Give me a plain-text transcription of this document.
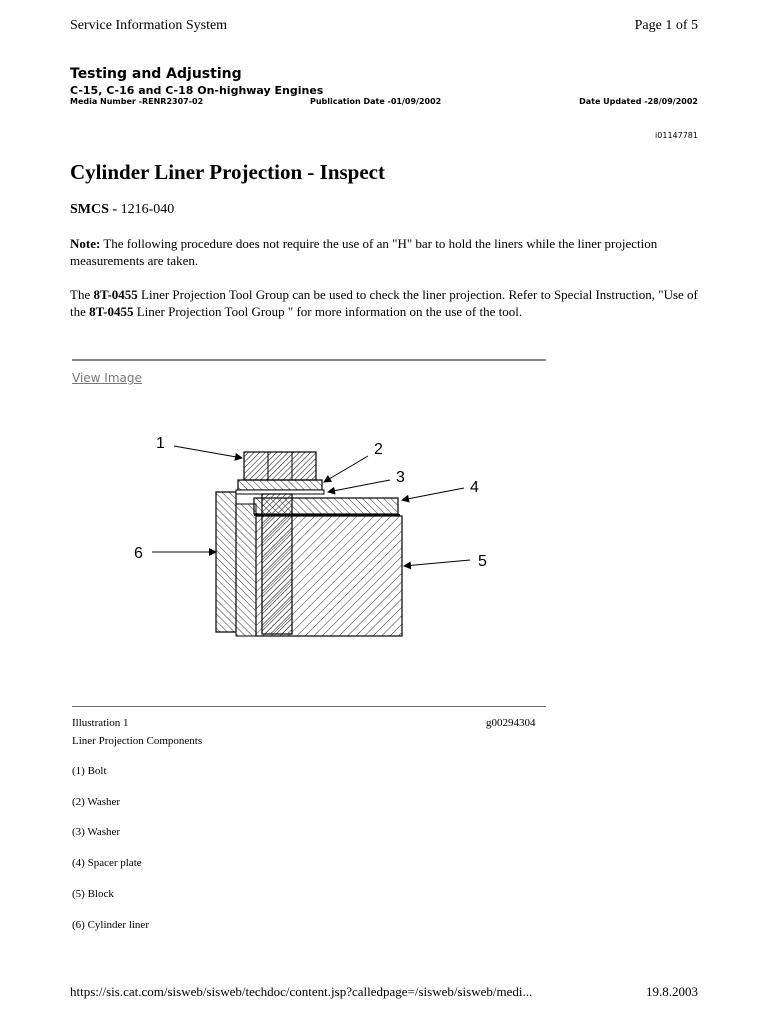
Service Information System	Page 1 of 5
Testing and Adjusting
C-15, C-16 and C-18 On-highway Engines
Media Number -RENR2307-02	Publication Date -01/09/2002	Date Updated -28/09/2002
i01147781
Cylinder Liner Projection - Inspect
SMCS - 1216-040

Note: The following procedure does not require the use of an "H" bar to hold the liners while the liner projection measurements are taken.

The 8T-0455 Liner Projection Tool Group can be used to check the liner projection. Refer to Special Instruction, "Use of the 8T-0455 Liner Projection Tool Group " for more information on the use of the tool.

View Image
1	2
3
4
5
6
Illustration 1	g00294304
Liner Projection Components
(1) Bolt
(2) Washer
(3) Washer
(4) Spacer plate
(5) Block
(6) Cylinder liner
https://sis.cat.com/sisweb/sisweb/techdoc/content.jsp?calledpage=/sisweb/sisweb/medi...	19.8.2003
